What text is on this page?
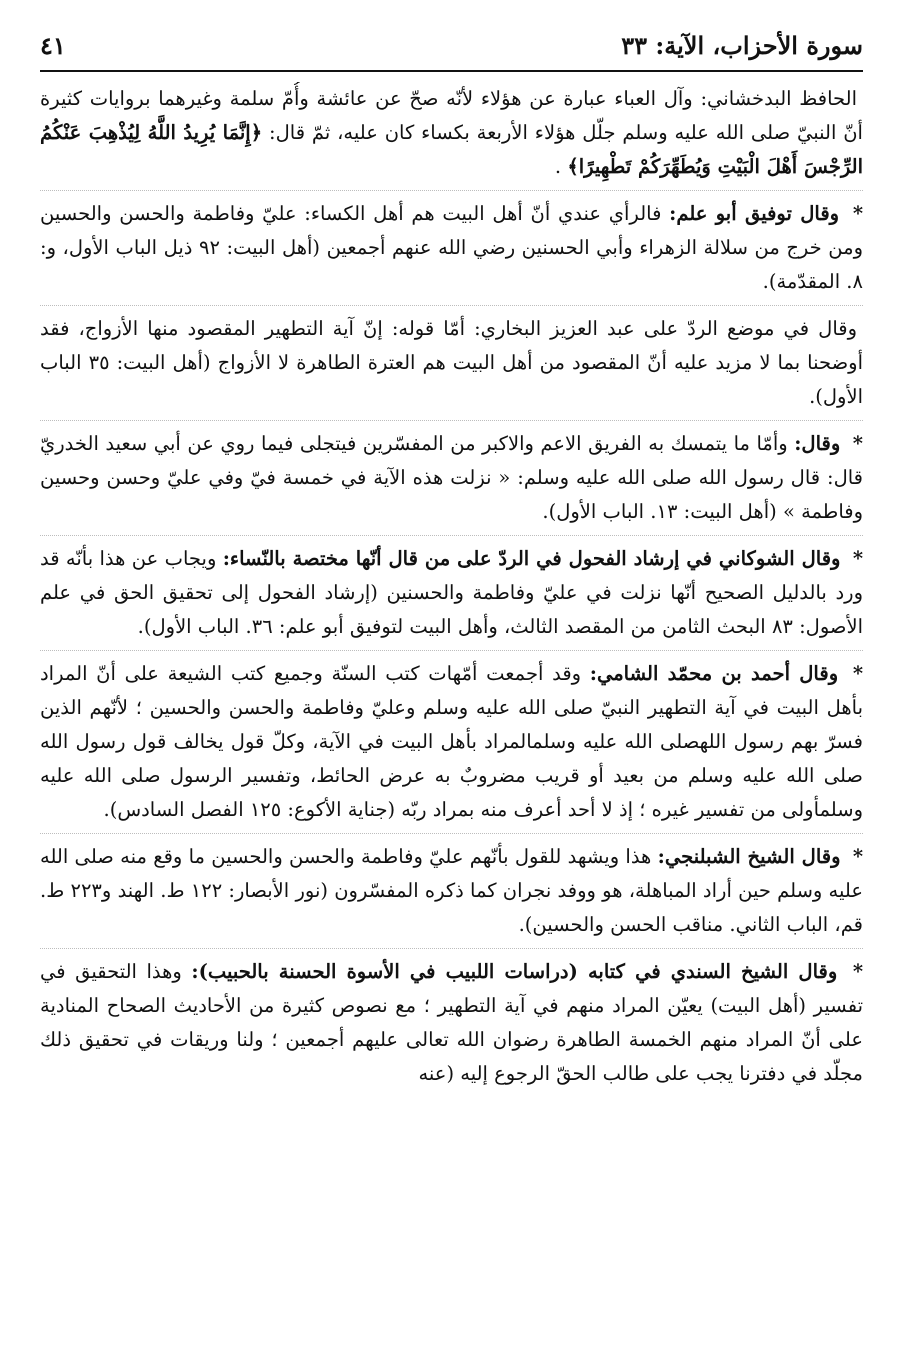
سورة الأحزاب، الآية: ٣٣
٤١

الحافظ البدخشاني: وآل العباء عبارة عن هؤلاء لأنّه صحّ عن عائشة وأُمّ سلمة وغيرهما بروايات كثيرة أنّ النبيّ صلى الله عليه وسلم جلّل هؤلاء الأربعة بكساء كان عليه، ثمّ قال: ﴿إِنَّمَا يُرِيدُ اللَّهُ لِيُذْهِبَ عَنْكُمُ الرِّجْسَ أَهْلَ الْبَيْتِ وَيُطَهِّرَكُمْ تَطْهِيرًا﴾ .

* وقال توفيق أبو علم: فالرأي عندي أنّ أهل البيت هم أهل الكساء: عليّ وفاطمة والحسن والحسين ومن خرج من سلالة الزهراء وأبي الحسنين رضي الله عنهم أجمعين (أهل البيت: ٩٢ ذيل الباب الأول، و: ٨. المقدّمة).

وقال في موضع الردّ على عبد العزيز البخاري: أمّا قوله: إنّ آية التطهير المقصود منها الأزواج، فقد أوضحنا بما لا مزيد عليه أنّ المقصود من أهل البيت هم العترة الطاهرة لا الأزواج (أهل البيت: ٣٥ الباب الأول).

* وقال: وأمّا ما يتمسك به الفريق الاعم والاكبر من المفسّرين فيتجلى فيما روي عن أبي سعيد الخدريّ قال: قال رسول الله صلى الله عليه وسلم: « نزلت هذه الآية في خمسة فيّ وفي عليّ وحسن وحسين وفاطمة » (أهل البيت: ١٣. الباب الأول).

* وقال الشوكاني في إرشاد الفحول في الردّ على من قال أنّها مختصة بالنّساء: ويجاب عن هذا بأنّه قد ورد بالدليل الصحيح أنّها نزلت في عليّ وفاطمة والحسنين (إرشاد الفحول إلى تحقيق الحق في علم الأصول: ٨٣ البحث الثامن من المقصد الثالث، وأهل البيت لتوفيق أبو علم: ٣٦. الباب الأول).

* وقال أحمد بن محمّد الشامي: وقد أجمعت أمّهات كتب السنّة وجميع كتب الشيعة على أنّ المراد بأهل البيت في آية التطهير النبيّ صلى الله عليه وسلم وعليّ وفاطمة والحسن والحسين ؛ لأنّهم الذين فسرّ بهم رسول اللهصلى الله عليه وسلمالمراد بأهل البيت في الآية، وكلّ قول يخالف قول رسول الله صلى الله عليه وسلم من بعيد أو قريب مضروبٌ به عرض الحائط، وتفسير الرسول صلى الله عليه وسلمأولى من تفسير غيره ؛ إذ لا أحد أعرف منه بمراد ربّه (جناية الأكوع: ١٢٥ الفصل السادس).

* وقال الشيخ الشبلنجي: هذا ويشهد للقول بأنّهم عليّ وفاطمة والحسن والحسين ما وقع منه صلى الله عليه وسلم حين أراد المباهلة، هو ووفد نجران كما ذكره المفسّرون (نور الأبصار: ١٢٢ ط. الهند و٢٢٣ ط. قم، الباب الثاني. مناقب الحسن والحسين).

* وقال الشيخ السندي في كتابه (دراسات اللبيب في الأسوة الحسنة بالحبيب): وهذا التحقيق في تفسير (أهل البيت) يعيّن المراد منهم في آية التطهير ؛ مع نصوص كثيرة من الأحاديث الصحاح المنادية على أنّ المراد منهم الخمسة الطاهرة رضوان الله تعالى عليهم أجمعين ؛ ولنا وريقات في تحقيق ذلك مجلّد في دفترنا يجب على طالب الحقّ الرجوع إليه (عنه
